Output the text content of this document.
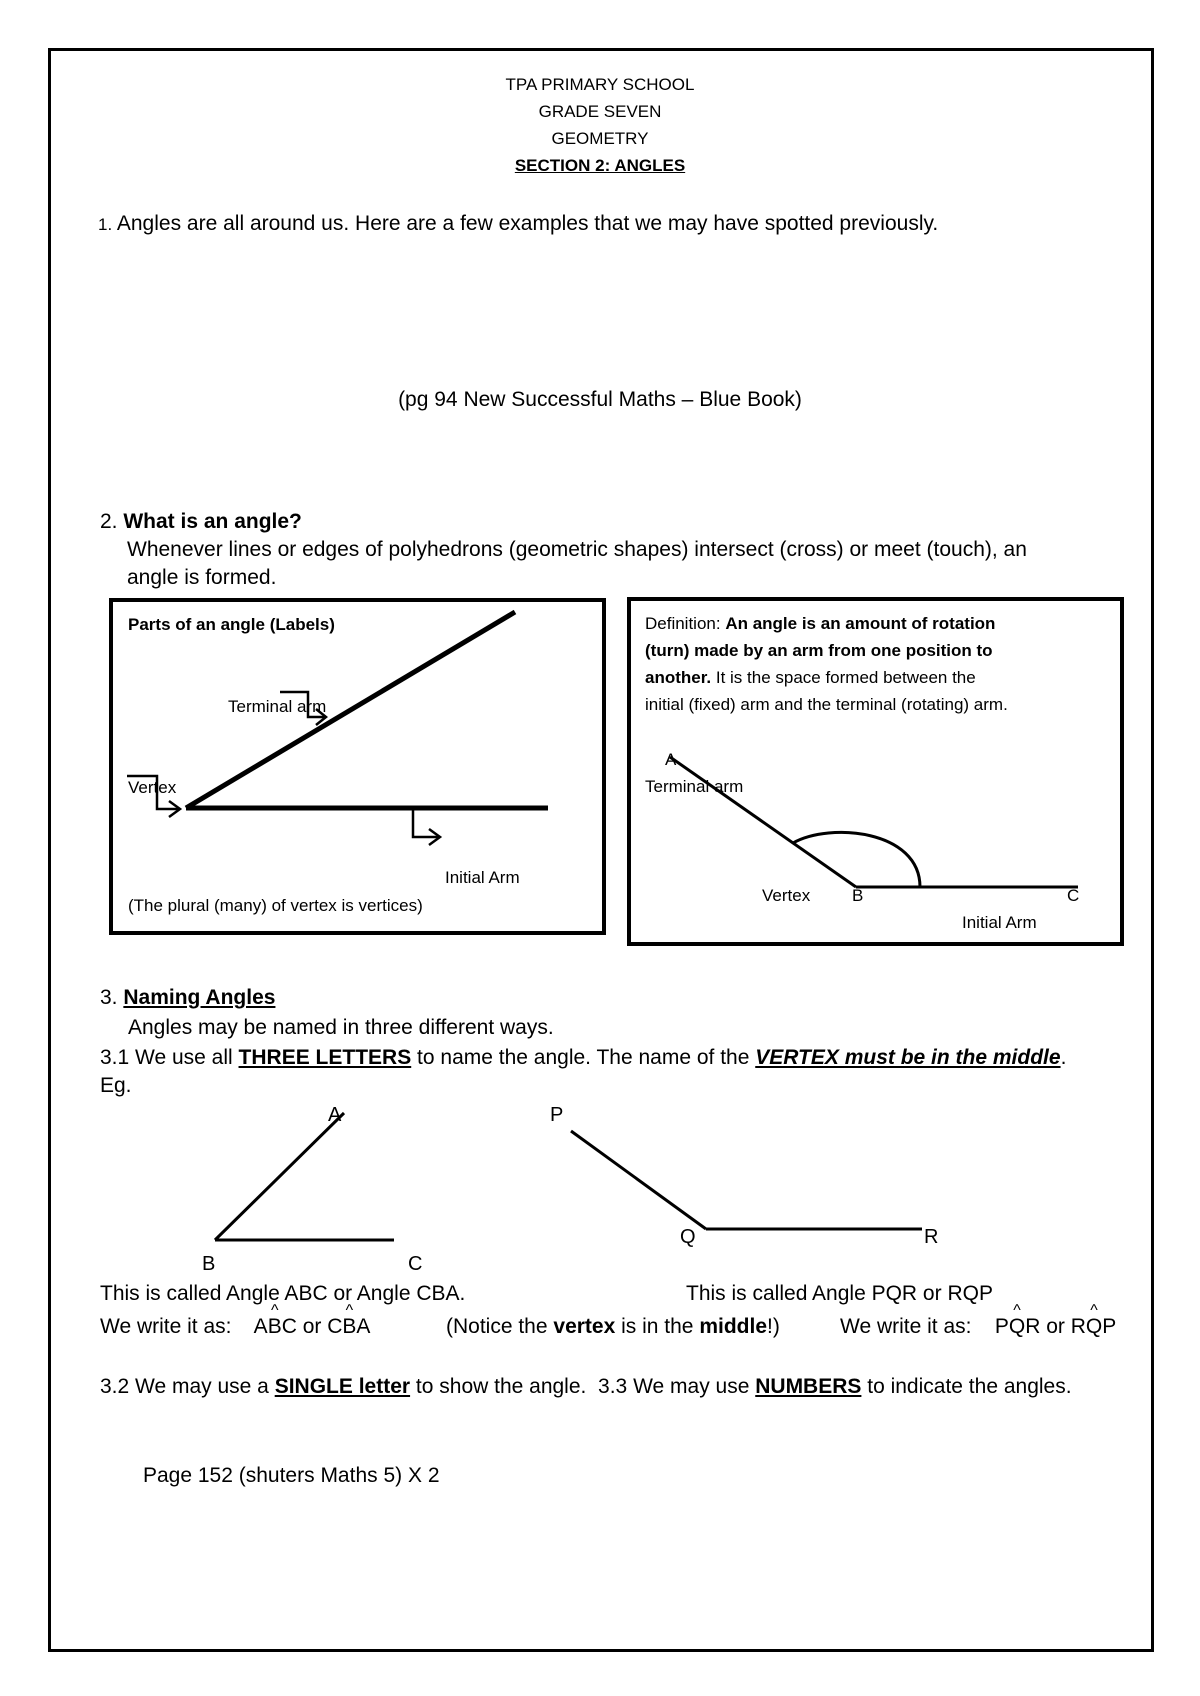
TPA PRIMARY SCHOOL
GRADE SEVEN
GEOMETRY
SECTION 2: ANGLES
1. Angles are all around us. Here are a few examples that we may have spotted previously.
(pg 94 New Successful Maths – Blue Book)
2. What is an angle?
Whenever lines or edges of polyhedrons (geometric shapes) intersect (cross) or meet (touch), an
angle is formed.
Parts of an angle (Labels)
Terminal arm
Vertex
Initial Arm
(The plural (many) of vertex is vertices)
Definition: An angle is an amount of rotation
(turn) made by an arm from one position to
another. It is the space formed between the
initial (fixed) arm and the terminal (rotating) arm.
A
Terminal arm
Vertex B	C
Initial Arm
3. Naming Angles
Angles may be named in three different ways.
3.1 We use all THREE LETTERS to name the angle. The name of the VERTEX must be in the middle.
Eg.
A
B	C
P
Q	R
This is called Angle ABC or Angle CBA.	This is called Angle PQR or RQP
We write it as: A^ BC or C^ BA	(Notice the vertex is in the middle!)	We write it as: P^ QR or R^ QP
3.2 We may use a SINGLE letter to show the angle. 3.3 We may use NUMBERS to indicate the angles.
Page 152 (shuters Maths 5) X 2
